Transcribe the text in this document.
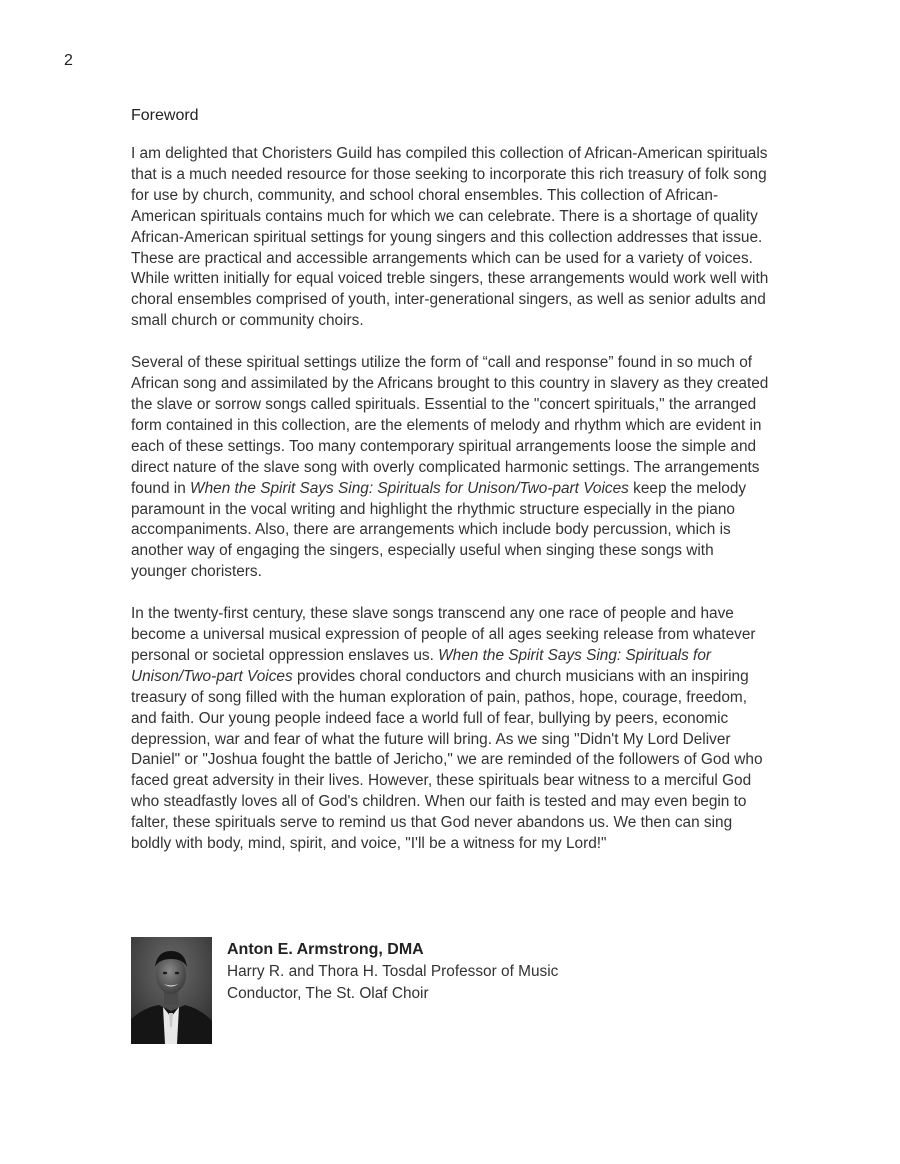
2
Foreword

I am delighted that Choristers Guild has compiled this collection of African-American spirituals that is a much needed resource for those seeking to incorporate this rich treasury of folk song for use by church, community, and school choral ensembles. This collection of African-American spirituals contains much for which we can celebrate. There is a shortage of quality African-American spiritual settings for young singers and this collection addresses that issue. These are practical and accessible arrangements which can be used for a variety of voices. While written initially for equal voiced treble singers, these arrangements would work well with choral ensembles comprised of youth, inter-generational singers, as well as senior adults and small church or community choirs.

Several of these spiritual settings utilize the form of “call and response” found in so much of African song and assimilated by the Africans brought to this country in slavery as they created the slave or sorrow songs called spirituals. Essential to the "concert spirituals," the arranged form contained in this collection, are the elements of melody and rhythm which are evident in each of these settings. Too many contemporary spiritual arrangements loose the simple and direct nature of the slave song with overly complicated harmonic settings. The arrangements found in When the Spirit Says Sing: Spirituals for Unison/Two-part Voices keep the melody paramount in the vocal writing and highlight the rhythmic structure especially in the piano accompaniments. Also, there are arrangements which include body percussion, which is another way of engaging the singers, especially useful when singing these songs with younger choristers.

In the twenty-first century, these slave songs transcend any one race of people and have become a universal musical expression of people of all ages seeking release from whatever personal or societal oppression enslaves us. When the Spirit Says Sing: Spirituals for Unison/Two-part Voices provides choral conductors and church musicians with an inspiring treasury of song filled with the human exploration of pain, pathos, hope, courage, freedom, and faith. Our young people indeed face a world full of fear, bullying by peers, economic depression, war and fear of what the future will bring. As we sing "Didn't My Lord Deliver Daniel" or "Joshua fought the battle of Jericho," we are reminded of the followers of God who faced great adversity in their lives. However, these spirituals bear witness to a merciful God who steadfastly loves all of God's children. When our faith is tested and may even begin to falter, these spirituals serve to remind us that God never abandons us. We then can sing boldly with body, mind, spirit, and voice, "I'll be a witness for my Lord!"

Anton E. Armstrong, DMA
Harry R. and Thora H. Tosdal Professor of Music
Conductor, The St. Olaf Choir
